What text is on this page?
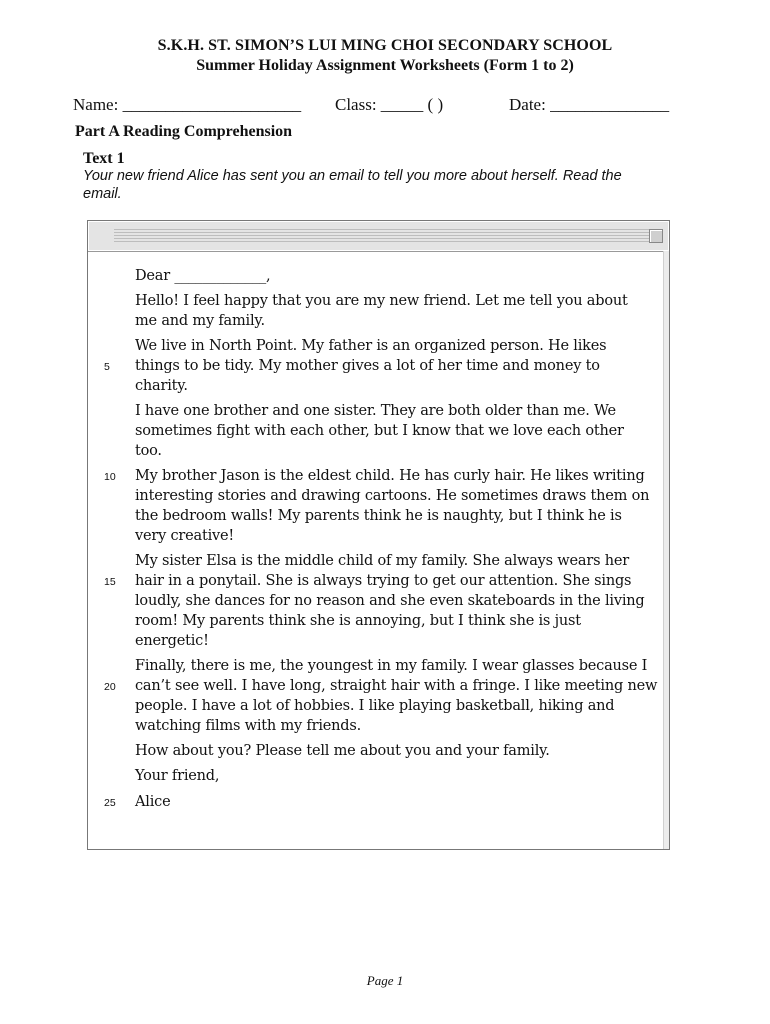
S.K.H. ST. SIMON’S LUI MING CHOI SECONDARY SCHOOL
Summer Holiday Assignment Worksheets (Form 1 to 2)
Name: _____________________ Class: _____ ( )	Date: ______________
Part A Reading Comprehension
Text 1
Your new friend Alice has sent you an email to tell you more about herself. Read the
email.
Dear _____________,
Hello! I feel happy that you are my new friend. Let me tell you about
me and my family.
We live in North Point. My father is an organized person. He likes
things to be tidy. My mother gives a lot of her time and money to
charity.
I have one brother and one sister. They are both older than me. We
sometimes fight with each other, but I know that we love each other
too.
My brother Jason is the eldest child. He has curly hair. He likes writing
interesting stories and drawing cartoons. He sometimes draws them on
the bedroom walls! My parents think he is naughty, but I think he is
very creative!
My sister Elsa is the middle child of my family. She always wears her
hair in a ponytail. She is always trying to get our attention. She sings
loudly, she dances for no reason and she even skateboards in the living
room! My parents think she is annoying, but I think she is just
energetic!
Finally, there is me, the youngest in my family. I wear glasses because I
can’t see well. I have long, straight hair with a fringe. I like meeting new
people. I have a lot of hobbies. I like playing basketball, hiking and
watching films with my friends.
How about you? Please tell me about you and your family.
Your friend,
Alice
5
10
15
20
25
Page 1
